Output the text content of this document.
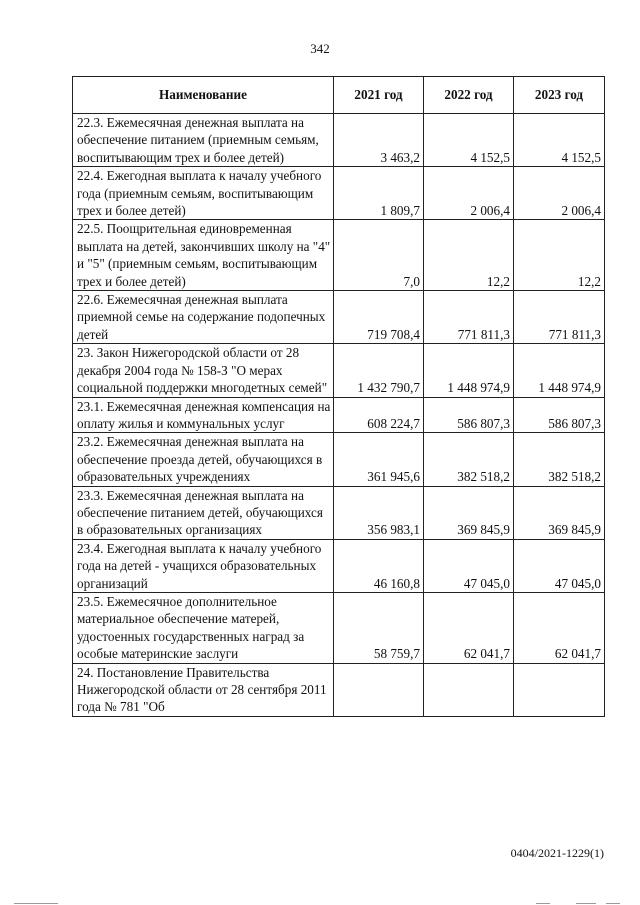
342
Наименование	2021 год	2022 год	2023 год
22.3. Ежемесячная денежная выплата на обеспечение питанием (приемным семьям, воспитывающим трех и более детей)	3 463,2	4 152,5	4 152,5
22.4. Ежегодная выплата к началу учебного года (приемным семьям, воспитывающим трех и более детей)	1 809,7	2 006,4	2 006,4
22.5. Поощрительная единовременная выплата на детей, закончивших школу на "4" и "5" (приемным семьям, воспитывающим трех и более детей)	7,0	12,2	12,2
22.6. Ежемесячная денежная выплата приемной семье на содержание подопечных детей	719 708,4	771 811,3	771 811,3
23. Закон Нижегородской области от 28 декабря 2004 года № 158-З "О мерах социальной поддержки многодетных семей"	1 432 790,7	1 448 974,9	1 448 974,9
23.1. Ежемесячная денежная компенсация на оплату жилья и коммунальных услуг	608 224,7	586 807,3	586 807,3
23.2. Ежемесячная денежная выплата на обеспечение проезда детей, обучающихся в образовательных учреждениях	361 945,6	382 518,2	382 518,2
23.3. Ежемесячная денежная выплата на обеспечение питанием детей, обучающихся в образовательных организациях	356 983,1	369 845,9	369 845,9
23.4. Ежегодная выплата к началу учебного года на детей - учащихся образовательных организаций	46 160,8	47 045,0	47 045,0
23.5. Ежемесячное дополнительное материальное обеспечение матерей, удостоенных государственных наград за особые материнские заслуги	58 759,7	62 041,7	62 041,7
24. Постановление Правительства Нижегородской области от 28 сентября 2011 года № 781 "Об			
0404/2021-1229(1)
